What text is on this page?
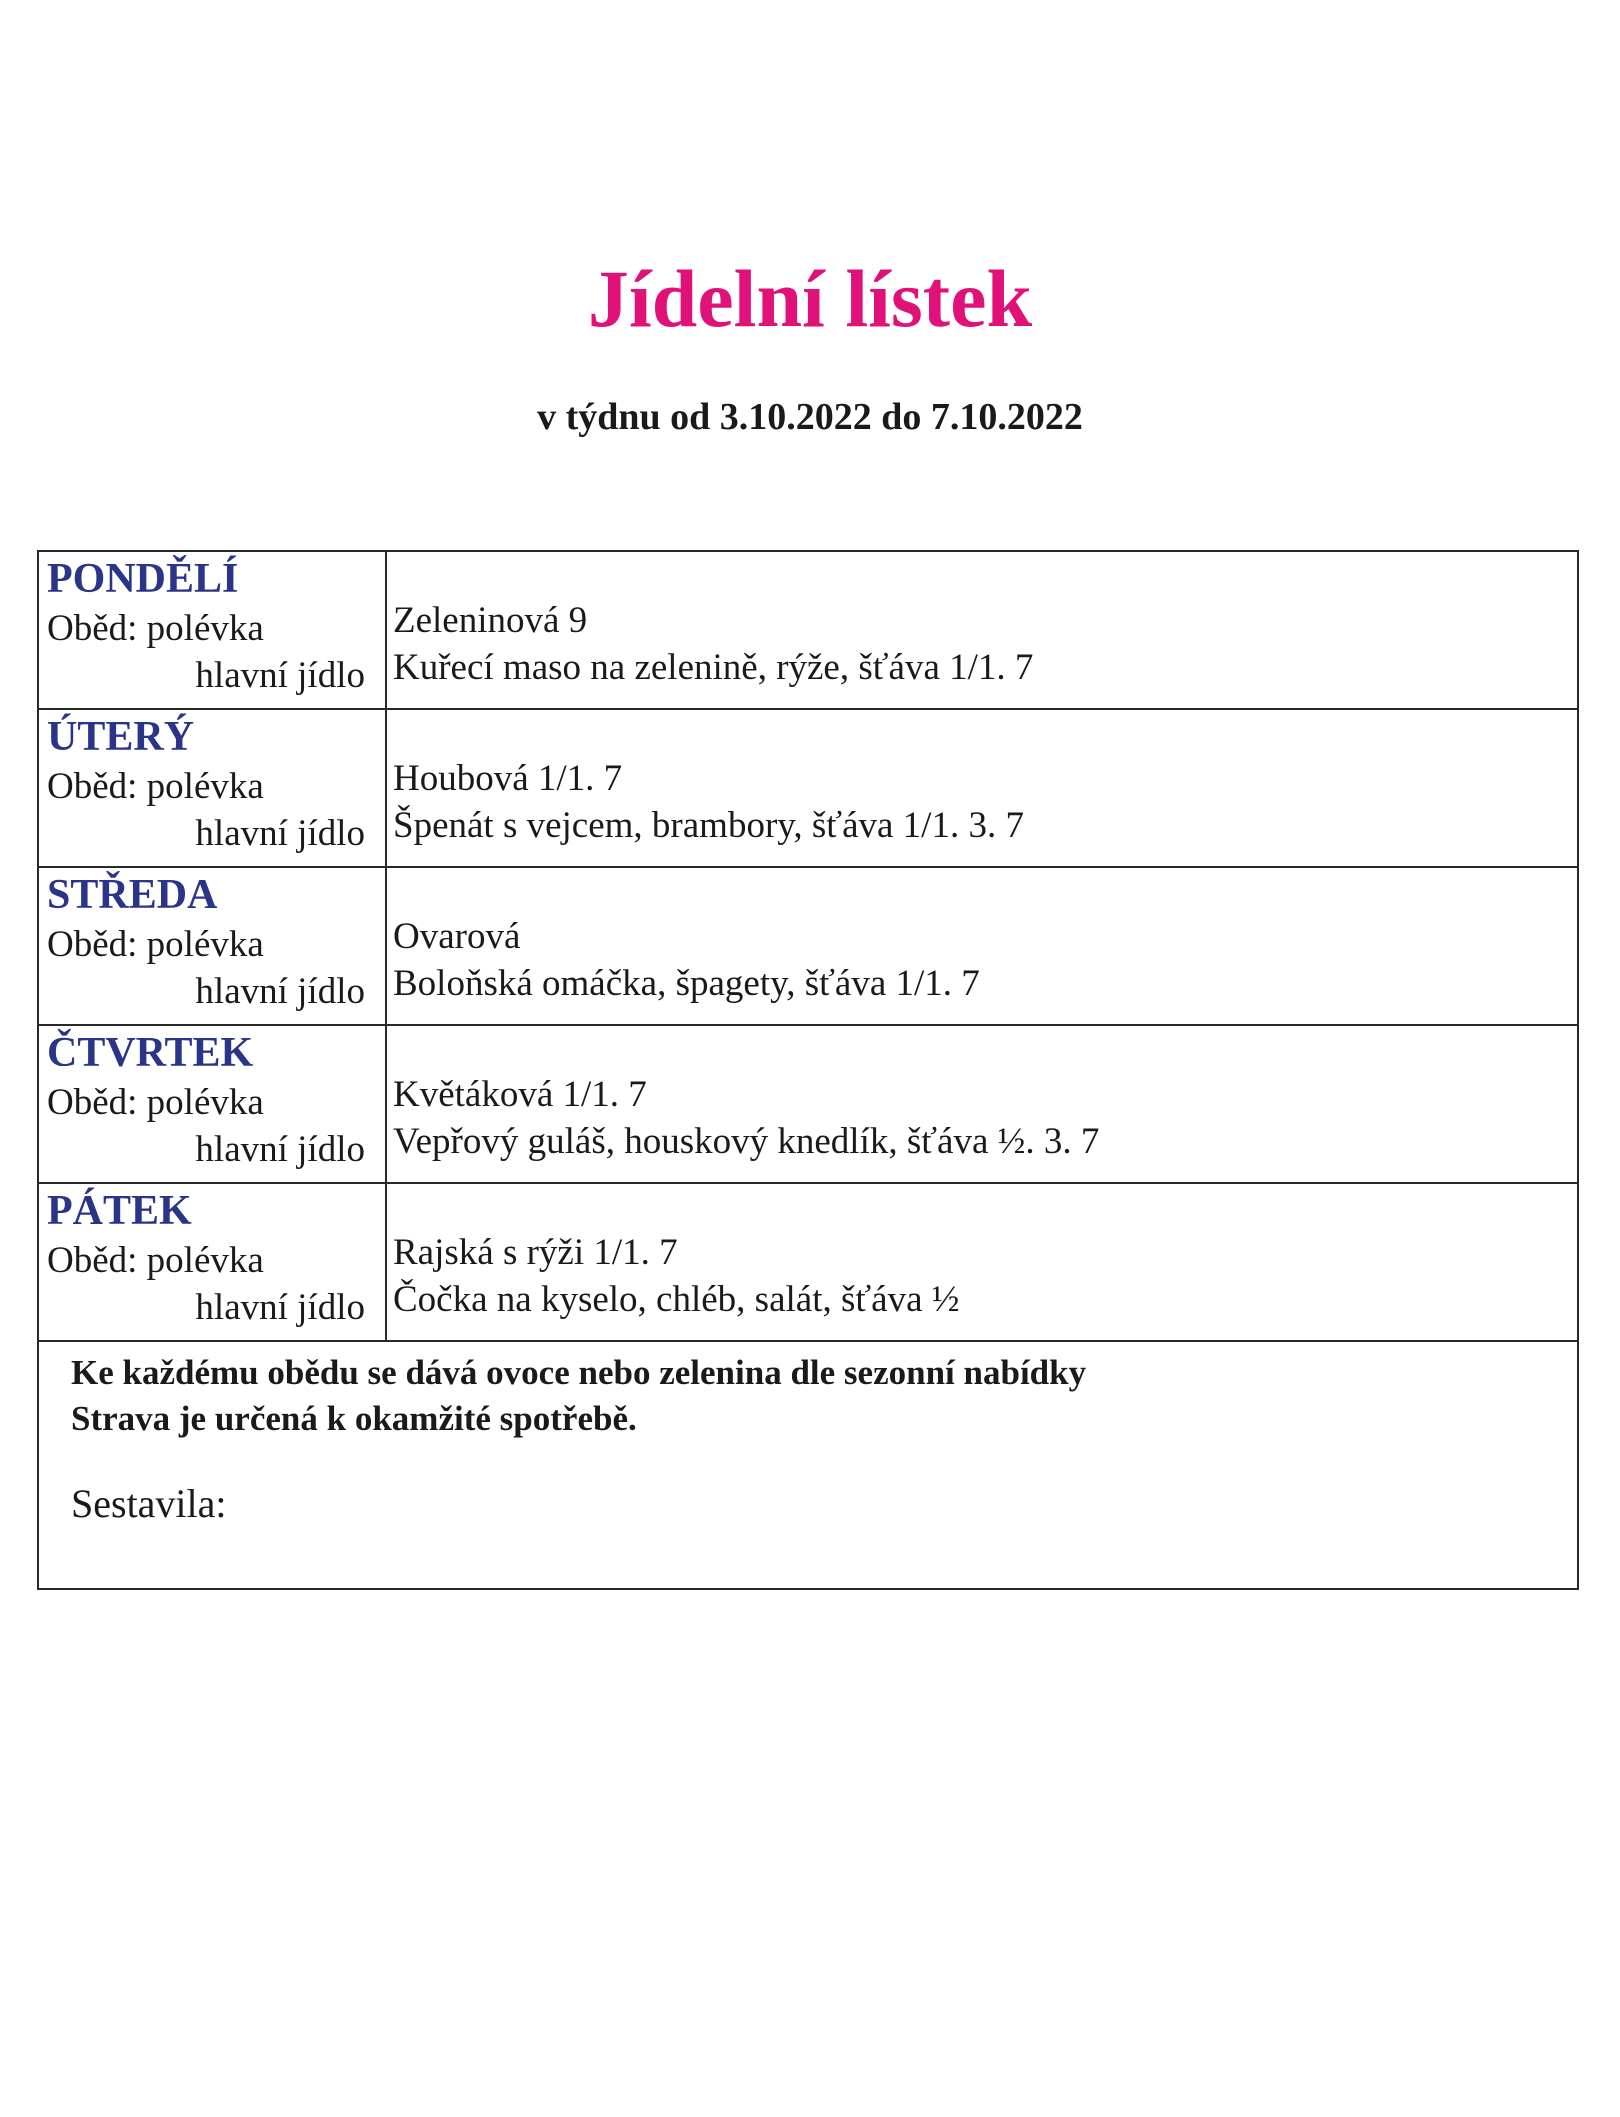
Jídelní lístek
v týdnu od 3.10.2022 do 7.10.2022
PONDĚLÍ
Oběd: polévka
hlavní jídlo
Zeleninová 9
Kuřecí maso na zelenině, rýže, šťáva 1/1. 7
ÚTERÝ
Oběd: polévka
hlavní jídlo
Houbová 1/1. 7
Špenát s vejcem, brambory, šťáva 1/1. 3. 7
STŘEDA
Oběd: polévka
hlavní jídlo
Ovarová
Boloňská omáčka, špagety, šťáva 1/1. 7
ČTVRTEK
Oběd: polévka
hlavní jídlo
Květáková 1/1. 7
Vepřový guláš, houskový knedlík, šťáva ½. 3. 7
PÁTEK
Oběd: polévka
hlavní jídlo
Rajská s rýži 1/1. 7
Čočka na kyselo, chléb, salát, šťáva ½
Ke každému obědu se dává ovoce nebo zelenina dle sezonní nabídky
Strava je určená k okamžité spotřebě.
Sestavila:
